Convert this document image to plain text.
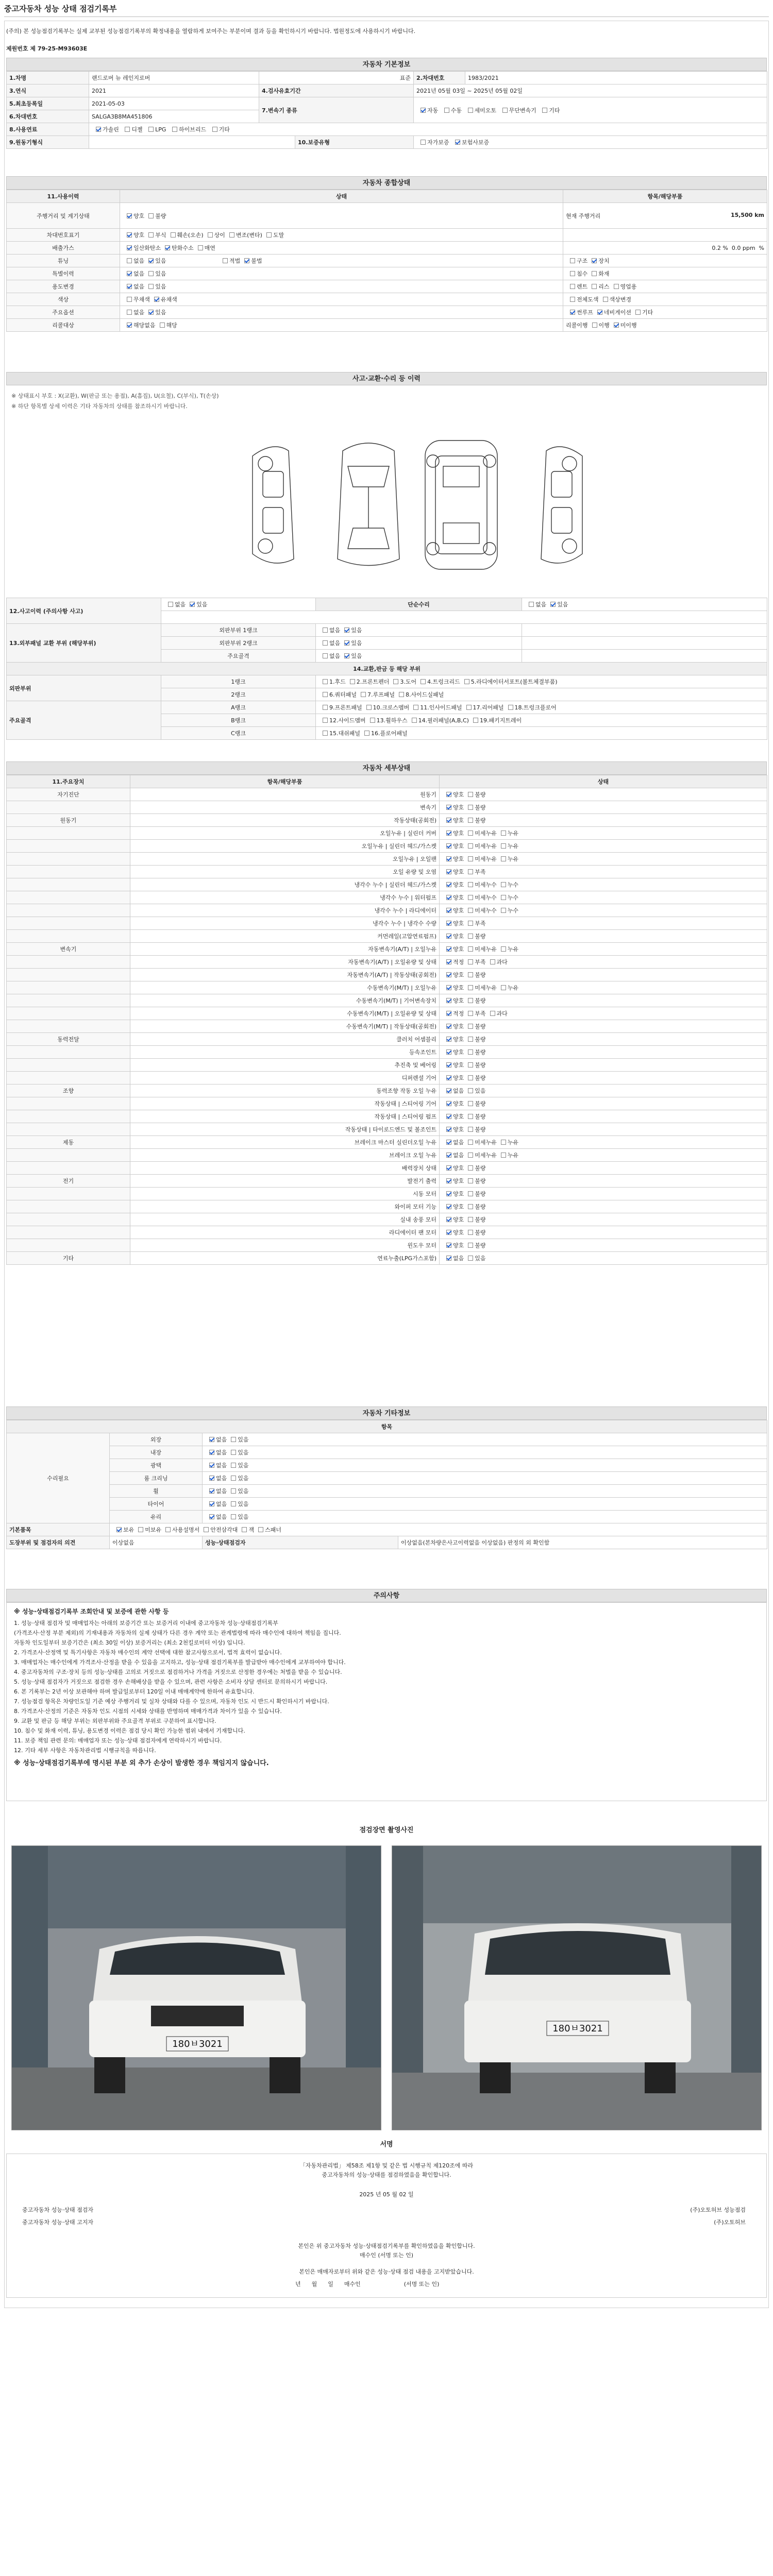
중고자동차 성능 상태 점검기록부
(주의) 본 성능점검기록부는 실제 교부된 성능점검기록부의 확정내용을 열람하게 보여주는 부분이며 결과 등을 확인하시기 바랍니다. 법원정도에 사용하시기 바랍니다.
제원번호 제 79-25-M93603E
자동차 기본정보
1.차명	랜드로버 뉴 레인지로버	표준		2.차대번호	1983/2021
3.연식	2021	4.검사유효기간		2021년 05월 03일 ~ 2025년 05월 02일	
5.최초등록일	2021-05-03	7.변속기 종류		자동 수동 세미오토 무단변속기 기타	
6.차대번호	SALGA3B8MA451806				
8.사용연료	가솔린 디젤 LPG 하이브리드 기타				
9.원동기형식			10.보증유형	자가보증 보험사보증	
자동차 종합상태
11.사용이력	상태	항목/해당부품
주행거리 및 계기상태	양호 불량	현재 주행거리 15,500 km

차대번호표기	양호 부식 훼손(오손) 상이 변조(변타) 도말	
배출가스	일산화탄소 탄화수소 매연	0.2 % 0.0 ppm %
튜닝	없음 있음 적법 불법	구조 장치
특별이력	없음 있음	침수 화재
용도변경	없음 있음	렌트 리스 영업용
색상	무채색 유채색	전체도색 색상변경
주요옵션	없음 있음	썬루프 네비게이션 기타
리콜대상	해당없음 해당	리콜이행 이행 미이행
사고·교환·수리 등 이력
※ 상태표시 부호 : X(교환), W(판금 또는 용접), A(흠집), U(요철), C(부식), T(손상)
※ 하단 항목별 상세 이력은 기타 자동차의 상태를 참조하시기 바랍니다.
12.사고이력 (주의사항 사고)	없음 있음	단순수리	없음 있음

13.외부패널 교환 부위 (해당부위)	외판부위 1랭크	없음 있음	
	외판부위 2랭크	없음 있음	
	주요골격	없음 있음	
14.교환,판금 등 해당 부위			
외판부위	1랭크	1.후드 2.프론트펜더 3.도어 4.트렁크리드 5.라디에이터서포트(볼트체결부품)	
	2랭크	6.쿼터패널 7.루프패널 8.사이드실패널	
주요골격	A랭크	9.프론트패널 10.크로스멤버 11.인사이드패널 17.리어패널 18.트렁크플로어	
	B랭크	12.사이드멤버 13.휠하우스 14.필러패널(A,B,C) 19.패키지트레이	
	C랭크	15.대쉬패널 16.플로어패널	
자동차 세부상태
11.주요장치	항목/해당부품	상태
자기진단	원동기	양호 불량
	변속기	양호 불량
원동기	작동상태(공회전)	양호 불량
	오일누유 | 실린더 커버	양호 미세누유 누유
	오일누유 | 실린더 헤드/가스켓	양호 미세누유 누유
	오일누유 | 오일팬	양호 미세누유 누유
	오일 유량 및 오염	양호 부족
	냉각수 누수 | 실린더 헤드/가스켓	양호 미세누수 누수
	냉각수 누수 | 워터펌프	양호 미세누수 누수
	냉각수 누수 | 라디에이터	양호 미세누수 누수
	냉각수 누수 | 냉각수 수량	양호 부족
	커먼레일(고압연료펌프)	양호 불량
변속기	자동변속기(A/T) | 오일누유	양호 미세누유 누유
	자동변속기(A/T) | 오일유량 및 상태	적정 부족 과다
	자동변속기(A/T) | 작동상태(공회전)	양호 불량
	수동변속기(M/T) | 오일누유	양호 미세누유 누유
	수동변속기(M/T) | 기어변속장치	양호 불량
	수동변속기(M/T) | 오일유량 및 상태	적정 부족 과다
	수동변속기(M/T) | 작동상태(공회전)	양호 불량
동력전달	클러치 어셈블리	양호 불량
	등속조인트	양호 불량
	추진축 및 베어링	양호 불량
	디퍼렌셜 기어	양호 불량
조향	동력조향 작동 오일 누유	없음 있음
	작동상태 | 스티어링 기어	양호 불량
	작동상태 | 스티어링 펌프	양호 불량
	작동상태 | 타이로드엔드 및 볼조인트	양호 불량
제동	브레이크 마스터 실린더오일 누유	없음 미세누유 누유
	브레이크 오일 누유	없음 미세누유 누유
	배력장치 상태	양호 불량
전기	발전기 출력	양호 불량
	시동 모터	양호 불량
	와이퍼 모터 기능	양호 불량
	실내 송풍 모터	양호 불량
	라디에이터 팬 모터	양호 불량
	윈도우 모터	양호 불량
기타	연료누출(LPG가스포함)	없음 있음
자동차 기타정보
항목			
수리필요	외장	없음 있음	
	내장	없음 있음	
	광택	없음 있음	
	룸 크리닝	없음 있음	
	휠	없음 있음	
	타이어	없음 있음	
	유리	없음 있음	
기본품목	보유 미보유 사용설명서 안전삼각대 잭 스패너		
도장부위 및 점검자의 의견	이상없음	성능·상태점검자	이상없음(본차량은사고이력없음 이상없음) 판정의 외 확인함
주의사항
※ 성능·상태점검기록부 조회안내 및 보증에 관한 사항 등
1. 성능·상태 점검자 및 매매업자는 아래의 보증기간 또는 보증거리 이내에 중고자동차 성능·상태점검기록부
(가격조사·산정 부분 제외)의 기재내용과 자동차의 실제 상태가 다른 경우 계약 또는 관계법령에 따라 매수인에 대하여 책임을 집니다.
자동차 인도일부터 보증기간은 (최소 30일 이상) 보증거리는 (최소 2천킬로미터 이상) 입니다.
2. 가격조사·산정액 및 특기사항은 자동차 매수인의 계약 선택에 대한 참고사항으로서, 법적 효력이 없습니다.
3. 매매업자는 매수인에게 가격조사·산정을 받을 수 있음을 고지하고, 성능·상태 점검기록부를 발급받아 매수인에게 교부하여야 합니다.
4. 중고자동차의 구조·장치 등의 성능·상태를 고의로 거짓으로 점검하거나 가격을 거짓으로 산정한 경우에는 처벌을 받을 수 있습니다.
5. 성능·상태 점검자가 거짓으로 점검한 경우 손해배상을 받을 수 있으며, 관련 사항은 소비자 상담 센터로 문의하시기 바랍니다.
6. 본 기록부는 2년 이상 보관해야 하며 발급일로부터 120일 이내 매매계약에 한하여 유효합니다.
7. 성능점검 항목은 차량인도일 기준 예상 주행거리 및 실차 상태와 다를 수 있으며, 자동차 인도 시 반드시 확인하시기 바랍니다.
8. 가격조사·산정의 기준은 자동차 인도 시점의 시세와 상태를 반영하며 매매가격과 차이가 있을 수 있습니다.
9. 교환 및 판금 등 해당 부위는 외판부위와 주요골격 부위로 구분하여 표시합니다.
10. 침수 및 화재 이력, 튜닝, 용도변경 이력은 점검 당시 확인 가능한 범위 내에서 기재합니다.
11. 보증 책임 관련 문의: 매매업자 또는 성능·상태 점검자에게 연락하시기 바랍니다.
12. 기타 세부 사항은 자동차관리법 시행규칙을 따릅니다.
※ 성능·상태점검기록부에 명시된 부분 외 추가 손상이 발생한 경우 책임지지 않습니다.
점검장면 촬영사진
180ㅂ3021
180ㅂ3021
서명
「자동차관리법」 제58조 제1항 및 같은 법 시행규칙 제120조에 따라
중고자동차의 성능·상태를 점검하였음을 확인합니다.
2025 년 05 월 02 일
중고자동차 성능·상태 점검자	(주)오토허브 성능점검
중고자동차 성능·상태 고지자	(주)오토허브
본인은 위 중고자동차 성능·상태점검기록부를 확인하였음을 확인합니다.
매수인 (서명 또는 인)
본인은 매매자로부터 위와 같은 성능·상태 점검 내용을 고지받았습니다.
년 월 일 매수인	(서명 또는 인)
